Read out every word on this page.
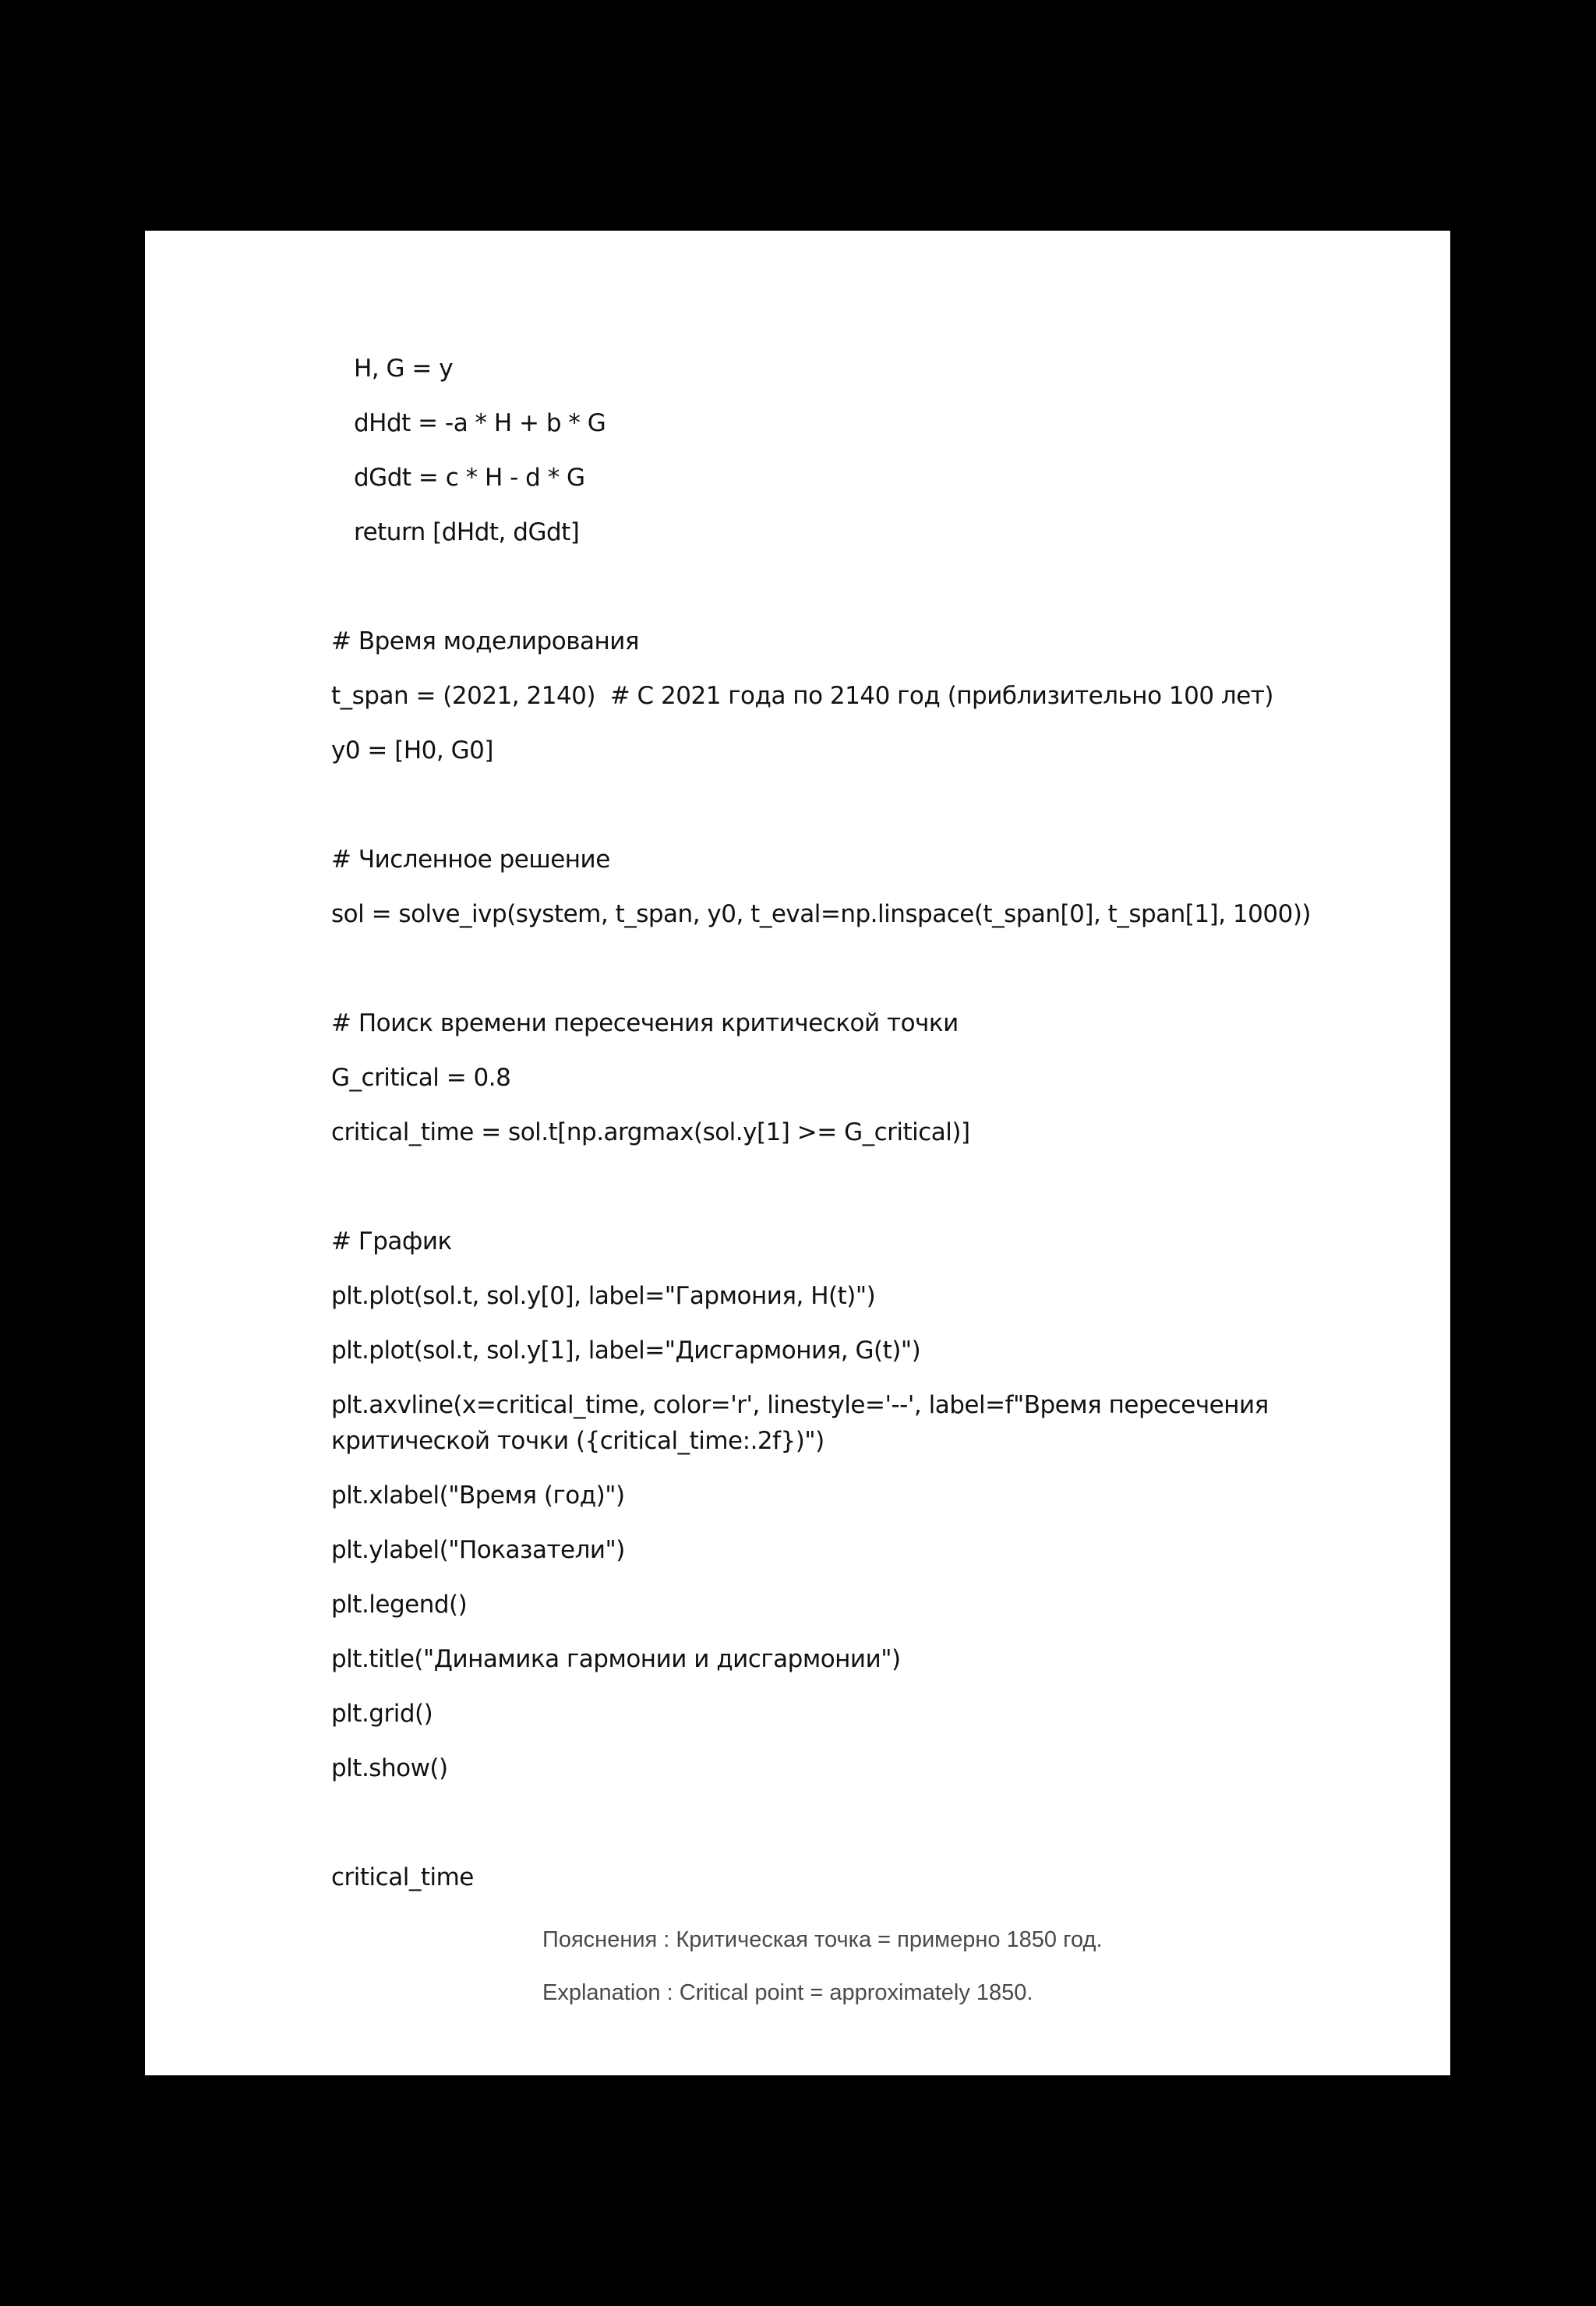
H, G = y
dHdt = -a * H + b * G
dGdt = c * H - d * G
return [dHdt, dGdt]
# Время моделирования
t_span = (2021, 2140)  # С 2021 года по 2140 год (приблизительно 100 лет)
y0 = [H0, G0]
# Численное решение
sol = solve_ivp(system, t_span, y0, t_eval=np.linspace(t_span[0], t_span[1], 1000))
# Поиск времени пересечения критической точки
G_critical = 0.8
critical_time = sol.t[np.argmax(sol.y[1] >= G_critical)]
# График
plt.plot(sol.t, sol.y[0], label="Гармония, H(t)")
plt.plot(sol.t, sol.y[1], label="Дисгармония, G(t)")
plt.axvline(x=critical_time, color='r', linestyle='--', label=f"Время пересечения
критической точки ({critical_time:.2f})")
plt.xlabel("Время (год)")
plt.ylabel("Показатели")
plt.legend()
plt.title("Динамика гармонии и дисгармонии")
plt.grid()
plt.show()
critical_time
Пояснения : Критическая точка = примерно 1850 год.
Explanation : Critical point = approximately 1850.
